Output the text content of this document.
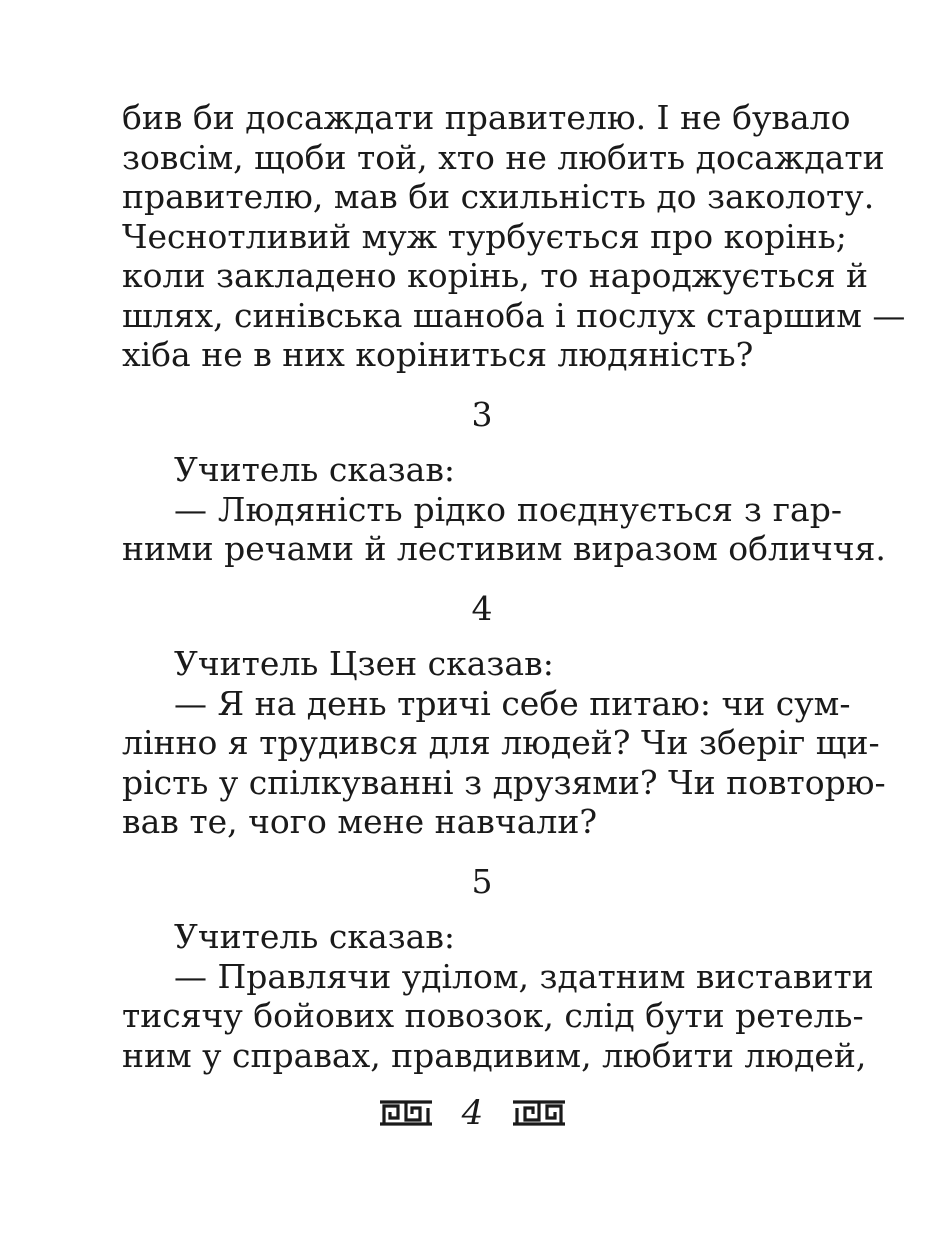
бив би досаждати правителю. І не бувало
зовсім, щоби той, хто не любить досаждати
правителю, мав би схильність до заколоту.
Чеснотливий муж турбується про корінь;
коли закладено корінь, то народжується й
шлях, синівська шаноба і послух старшим —
хіба не в них коріниться людяність?
3
Учитель сказав:
— Людяність рідко поєднується з гар-
ними речами й лестивим виразом обличчя.
4
Учитель Цзен сказав:
— Я на день тричі себе питаю: чи сум-
лінно я трудився для людей? Чи зберіг щи-
рість у спілкуванні з друзями? Чи повторю-
вав те, чого мене навчали?
5
Учитель сказав:
— Правлячи уділом, здатним виставити
тисячу бойових повозок, слід бути ретель-
ним у справах, правдивим, любити людей,
4
